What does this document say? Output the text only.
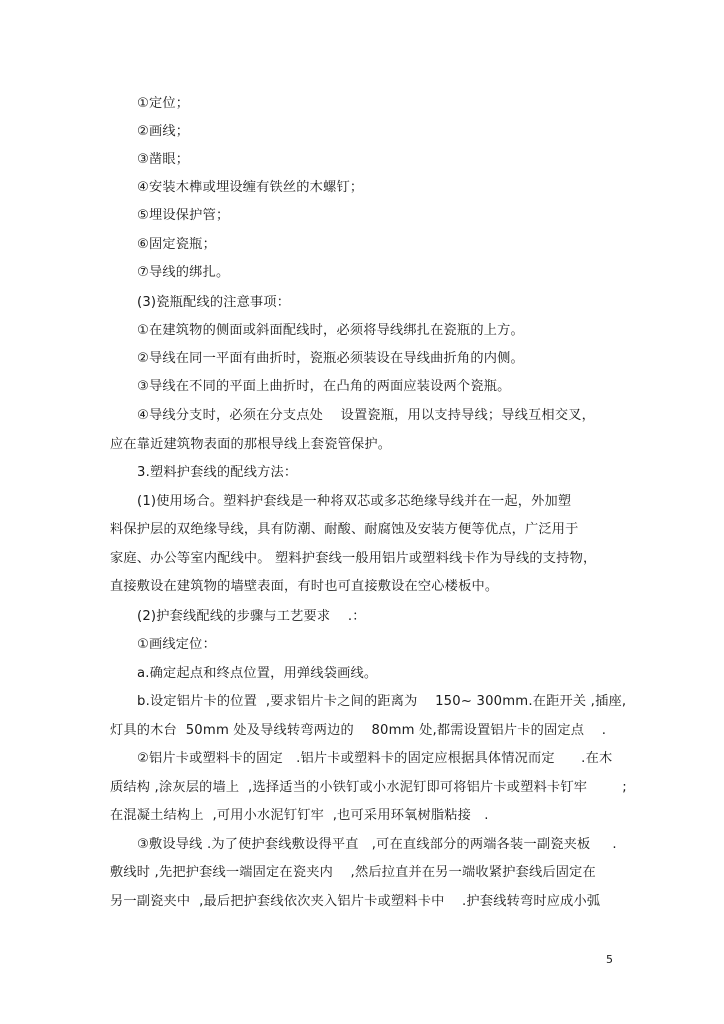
①定位；
②画线；
③凿眼；
④安装木榫或埋设缠有铁丝的木螺钉；
⑤埋设保护管；
⑥固定瓷瓶；
⑦导线的绑扎。
(3)瓷瓶配线的注意事项：
①在建筑物的侧面或斜面配线时，必须将导线绑扎在瓷瓶的上方。
②导线在同一平面有曲折时，瓷瓶必须装设在导线曲折角的内侧。
③导线在不同的平面上曲折时，在凸角的两面应装设两个瓷瓶。
④导线分支时，必须在分支点处    设置瓷瓶，用以支持导线；导线互相交叉，
应在靠近建筑物表面的那根导线上套瓷管保护。
3.塑料护套线的配线方法：
(1)使用场合。塑料护套线是一种将双芯或多芯绝缘导线并在一起，外加塑
料保护层的双绝缘导线，具有防潮、耐酸、耐腐蚀及安装方便等优点，广泛用于
家庭、办公等室内配线中。 塑料护套线一般用铝片或塑料线卡作为导线的支持物，
直接敷设在建筑物的墙壁表面，有时也可直接敷设在空心楼板中。
(2)护套线配线的步骤与工艺要求    .：
①画线定位：
a.确定起点和终点位置，用弹线袋画线。
b.设定铝片卡的位置  ,要求铝片卡之间的距离为    150~ 300mm.在距开关 ,插座,
灯具的木台  50mm 处及导线转弯两边的    80mm 处,都需设置铝片卡的固定点    .
②铝片卡或塑料卡的固定   .铝片卡或塑料卡的固定应根据具体情况而定      .在木
质结构 ,涂灰层的墙上  ,选择适当的小铁钉或小水泥钉即可将铝片卡或塑料卡钉牢        ;
在混凝土结构上  ,可用小水泥钉钉牢  ,也可采用环氧树脂粘接   .
③敷设导线 .为了使护套线敷设得平直   ,可在直线部分的两端各装一副瓷夹板     .
敷线时 ,先把护套线一端固定在瓷夹内    ,然后拉直并在另一端收紧护套线后固定在
另一副瓷夹中  ,最后把护套线依次夹入铝片卡或塑料卡中    .护套线转弯时应成小弧
5
